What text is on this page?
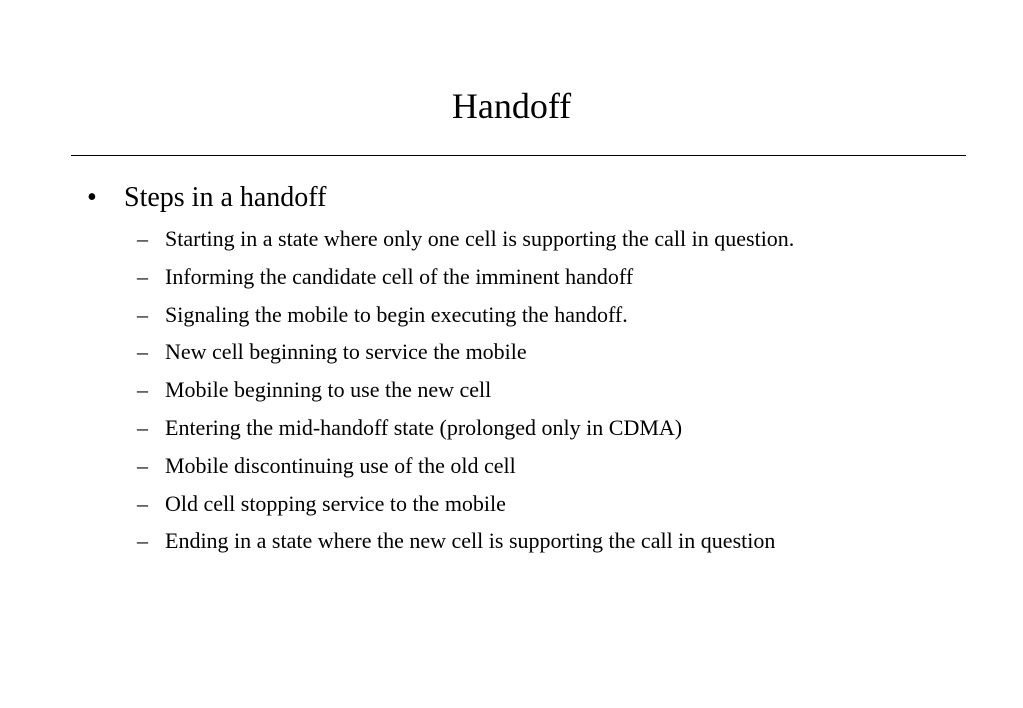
Handoff
• Steps in a handoff
– Starting in a state where only one cell is supporting the call in question.
– Informing the candidate cell of the imminent handoff
– Signaling the mobile to begin executing the handoff.
– New cell beginning to service the mobile
– Mobile beginning to use the new cell
– Entering the mid-handoff state (prolonged only in CDMA)
– Mobile discontinuing use of the old cell
– Old cell stopping service to the mobile
– Ending in a state where the new cell is supporting the call in question
